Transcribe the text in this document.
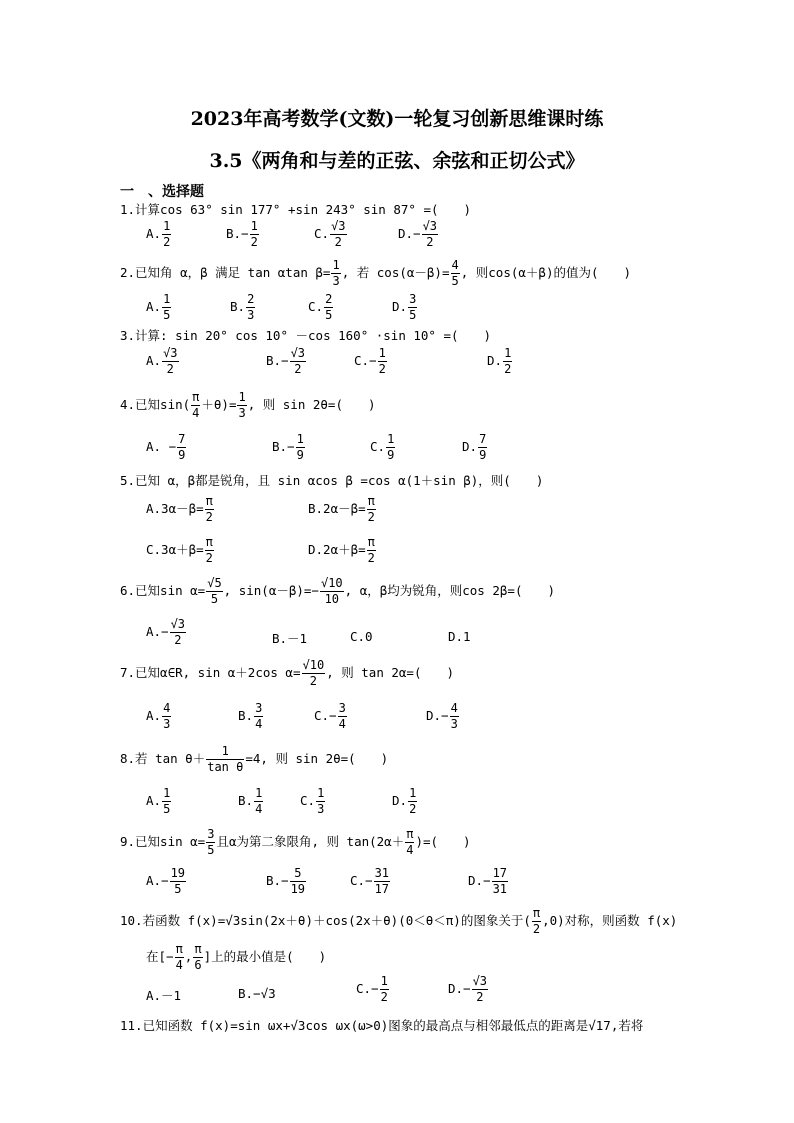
2023年高考数学(文数)一轮复习创新思维课时练
3.5《两角和与差的正弦、余弦和正切公式》
一　、选择题
1.计算cos 63° sin 177° +sin 243° sin 87° =(　　)
A. $\frac{1}{2}$	$B.- \frac{1}{2}$	C. $\frac{√3}{2}$	$D.- \frac{√3}{2}$
2.已知角 α，β 满足 tan αtan $\beta= \frac{1}{3}$ , 若 $\cos(\alpha-\beta)= \frac{4}{5}$ , 则cos(α＋β)的值为(　　)
A. $\frac{1}{5}$	B. $\frac{2}{3}$	C. $\frac{2}{5}$	D. $\frac{3}{5}$
3.计算: sin 20° cos 10° －cos 160° ·sin 10° =(　　)
A. $\frac{√3}{2}$	$B.- \frac{√3}{2}$	$C.- \frac{1}{2}$	D. $\frac{1}{2}$
4.已知$\sin( \frac{\pi}{4} +\theta)= \frac{1}{3}$ , 则 sin 2θ=(　　)
A. − $\frac{7}{9}$	$B.- \frac{1}{9}$	C. $\frac{1}{9}$	D. $\frac{7}{9}$
5.已知 α，β都是锐角，且 sin αcos β =cos α(1＋sin β)，则(　　)
$A.3\alpha-\beta= \frac{\pi}{2}$	$B.2\alpha-\beta= \frac{\pi}{2}$
$C.3\alpha+\beta= \frac{\pi}{2}$	$D.2\alpha+\beta= \frac{\pi}{2}$
6.已知$\sin \alpha= \frac{√5}{5}$ , $\sin(\alpha-\beta)=- \frac{√10}{10}$ , α，β均为锐角，则cos 2β=(　　)
$A.- \frac{√3}{2}$	B.－1	C.0	D.1
7.已知α∈R, sin α＋2cos $\alpha= \frac{√10}{2}$ , 则 tan 2α=(　　)
A. $\frac{4}{3}$	B. $\frac{3}{4}$	$C.- \frac{3}{4}$	$D.- \frac{4}{3}$
8.若 $\tan \theta+ \frac{1}{\text{tan θ}} =4$, 则 sin 2θ=(　　)
A. $\frac{1}{5}$	B. $\frac{1}{4}$	C. $\frac{1}{3}$	D. $\frac{1}{2}$
9.已知$\sin \alpha= \frac{3}{5}$ 且α为第二象限角, 则 $\tan(2\alpha+ \frac{\pi}{4}$ )=(　　)
$A.- \frac{19}{5}$	$B.- \frac{5}{19}$	$C.- \frac{31}{17}$	$D.- \frac{17}{31}$
10.若函数 f(x)=√3sin(2x＋θ)＋cos(2x＋θ)(0＜θ＜π)的图象关于( $\frac{\pi}{2} ,0$)对称，则函数 f(x)
在[− $\frac{\pi}{4}$ , $\frac{\pi}{6}$ ]上的最小值是(　　)
A.－1	B.−√3	$C.- \frac{1}{2}$	$D.- \frac{√3}{2}$
11.已知函数 f(x)=sin ωx+√3cos ωx(ω>0)图象的最高点与相邻最低点的距离是√17,若将
